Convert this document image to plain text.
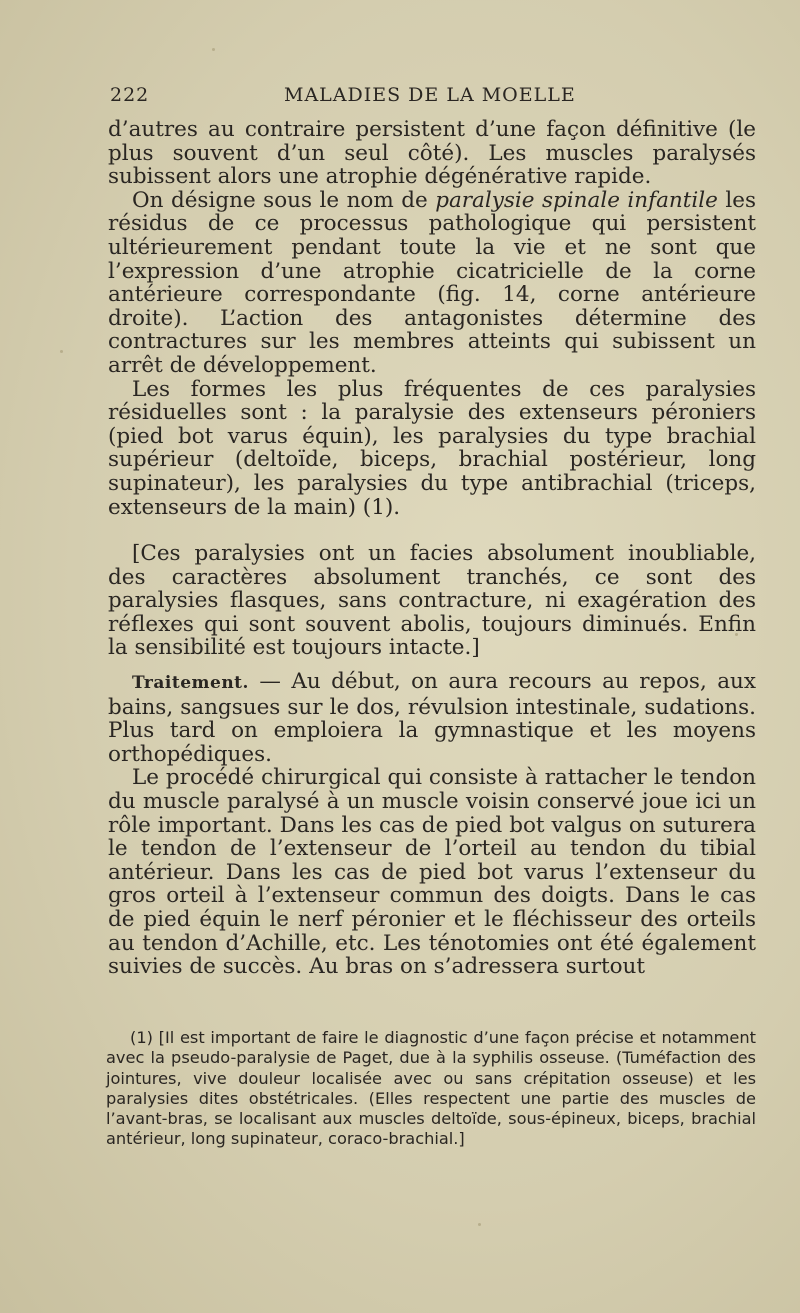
222	MALADIES DE LA MOELLE

d’autres au contraire persistent d’une façon définitive (le plus souvent d’un seul côté). Les muscles paralysés subissent alors une atrophie dégénérative rapide.

On désigne sous le nom de paralysie spinale infantile les résidus de ce processus pathologique qui persistent ultérieurement pendant toute la vie et ne sont que l’expression d’une atrophie cicatricielle de la corne antérieure correspondante (fig. 14, corne antérieure droite). L’action des antagonistes détermine des contractures sur les membres atteints qui subissent un arrêt de développement.

Les formes les plus fréquentes de ces paralysies résiduelles sont : la paralysie des extenseurs péroniers (pied bot varus équin), les paralysies du type brachial supérieur (deltoïde, biceps, brachial postérieur, long supinateur), les paralysies du type antibrachial (triceps, extenseurs de la main) (1).

[Ces paralysies ont un facies absolument inoubliable, des caractères absolument tranchés, ce sont des paralysies flasques, sans contracture, ni exagération des réflexes qui sont souvent abolis, toujours diminués. Enfin la sensibilité est toujours intacte.]

Traitement. — Au début, on aura recours au repos, aux bains, sangsues sur le dos, révulsion intestinale, sudations. Plus tard on emploiera la gymnastique et les moyens orthopédiques.

Le procédé chirurgical qui consiste à rattacher le tendon du muscle paralysé à un muscle voisin conservé joue ici un rôle important. Dans les cas de pied bot valgus on suturera le tendon de l’extenseur de l’orteil au tendon du tibial antérieur. Dans les cas de pied bot varus l’extenseur du gros orteil à l’extenseur commun des doigts. Dans le cas de pied équin le nerf péronier et le fléchisseur des orteils au tendon d’Achille, etc. Les ténotomies ont été également suivies de succès. Au bras on s’adressera surtout

(1) [Il est important de faire le diagnostic d’une façon précise et notamment avec la pseudo-paralysie de Paget, due à la syphilis osseuse. (Tuméfaction des jointures, vive douleur localisée avec ou sans crépitation osseuse) et les paralysies dites obstétricales. (Elles respectent une partie des muscles de l’avant-bras, se localisant aux muscles deltoïde, sous-épineux, biceps, brachial antérieur, long supinateur, coraco-brachial.]
